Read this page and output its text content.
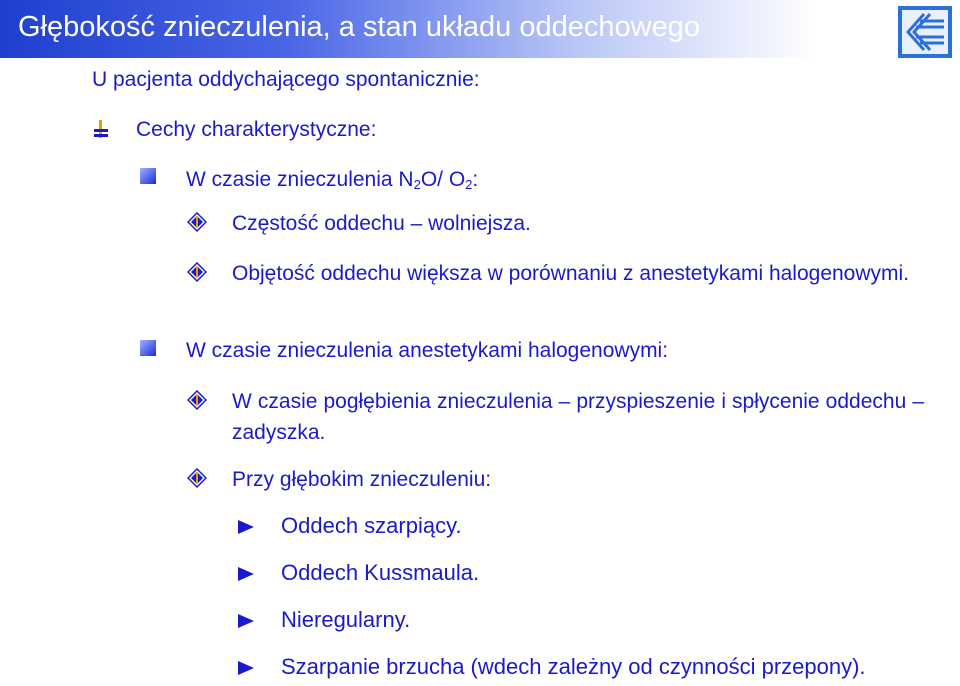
Głębokość znieczulenia, a stan układu oddechowego
U pacjenta oddychającego spontanicznie:
Cechy charakterystyczne:
W czasie znieczulenia $N_2O/$ $O_2$:
Częstość oddechu – wolniejsza.
Objętość oddechu większa w porównaniu z anestetykami halogenowymi.
W czasie znieczulenia anestetykami halogenowymi:
W czasie pogłębienia znieczulenia – przyspieszenie i spłycenie oddechu – zadyszka.
Przy głębokim znieczuleniu:
Oddech szarpiący.
Oddech Kussmaula.
Nieregularny.
Szarpanie brzucha (wdech zależny od czynności przepony).
